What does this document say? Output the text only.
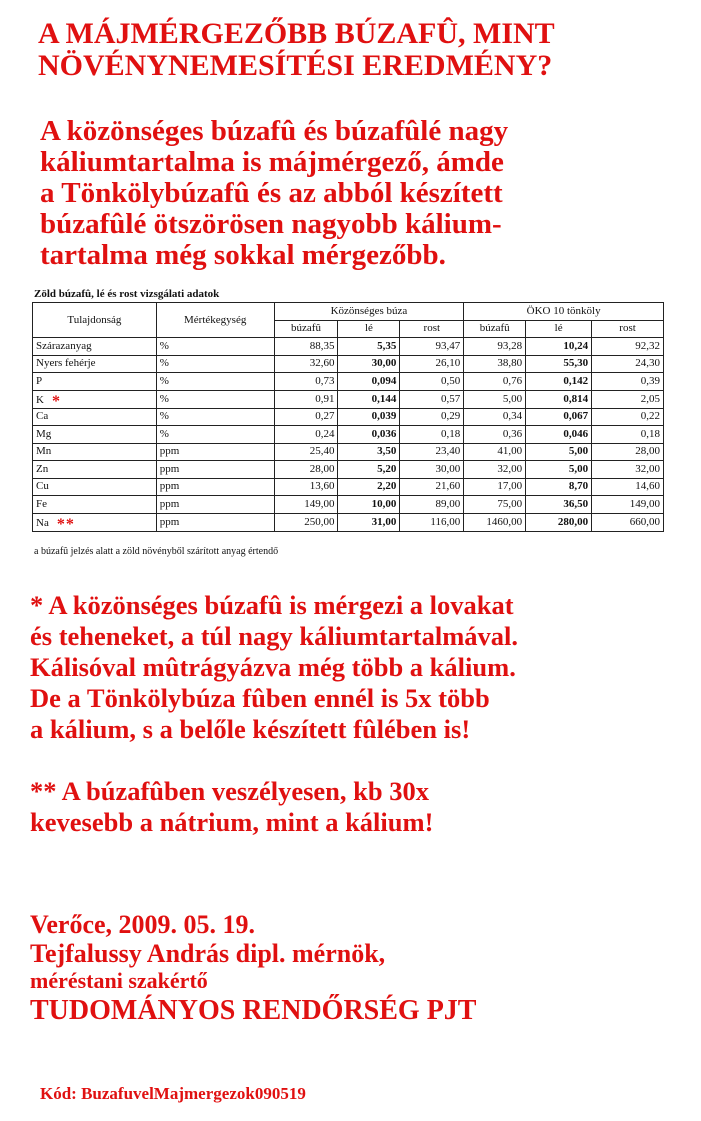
A MÁJMÉRGEZŐBB BÚZAFÛ, MINT
NÖVÉNYNEMESÍTÉSI EREDMÉNY?
A közönséges búzafû és búzafûlé nagy
káliumtartalma is májmérgező, ámde
a Tönkölybúzafû és az abból készített
búzafûlé ötszörösen nagyobb kálium-
tartalma még sokkal mérgezőbb.
Zöld búzafû, lé és rost vizsgálati adatok
Tulajdonság	Mértékegység	Közönséges búza			ÖKO 10 tönköly		
		búzafû	lé	rost	búzafû	lé	rost
Szárazanyag	%	88,35	5,35	93,47	93,28	10,24	92,32
Nyers fehérje	%	32,60	30,00	26,10	38,80	55,30	24,30
P	%	0,73	0,094	0,50	0,76	0,142	0,39
K *	%	0,91	0,144	0,57	5,00	0,814	2,05
Ca	%	0,27	0,039	0,29	0,34	0,067	0,22
Mg	%	0,24	0,036	0,18	0,36	0,046	0,18
Mn	ppm	25,40	3,50	23,40	41,00	5,00	28,00
Zn	ppm	28,00	5,20	30,00	32,00	5,00	32,00
Cu	ppm	13,60	2,20	21,60	17,00	8,70	14,60
Fe	ppm	149,00	10,00	89,00	75,00	36,50	149,00
Na **	ppm	250,00	31,00	116,00	1460,00	280,00	660,00
a búzafû jelzés alatt a zöld növényből szárított anyag értendő
* A közönséges búzafû is mérgezi a lovakat
és teheneket, a túl nagy káliumtartalmával.
Kálisóval mûtrágyázva még több a kálium.
De a Tönkölybúza fûben ennél is 5x több
a kálium, s a belőle készített fûlében is!
** A búzafûben veszélyesen, kb 30x
kevesebb a nátrium, mint a kálium!
Verőce, 2009. 05. 19.
Tejfalussy András dipl. mérnök,
méréstani szakértő
TUDOMÁNYOS RENDŐRSÉG PJT
Kód: BuzafuvelMajmergezok090519
